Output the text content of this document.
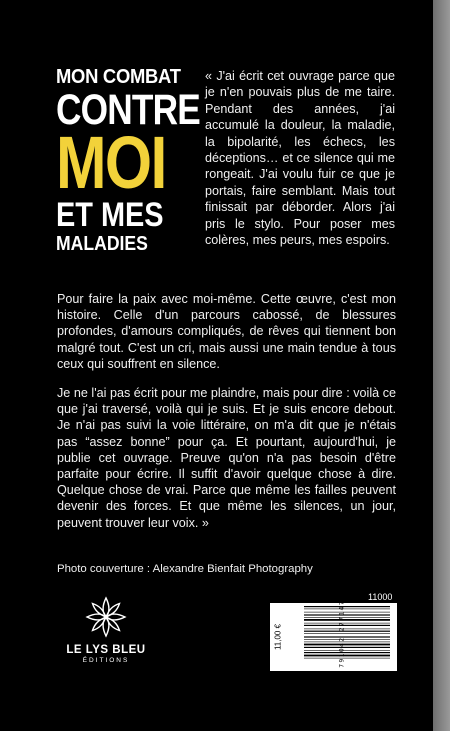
MON COMBAT
CONTRE
MOI
ET MES
MALADIES

« J'ai écrit cet ouvrage parce que je n'en pouvais plus de me taire. Pendant des années, j'ai accumulé la douleur, la maladie, la bipolarité, les échecs, les déceptions… et ce silence qui me rongeait. J'ai voulu fuir ce que je portais, faire semblant. Mais tout finissait par déborder. Alors j'ai pris le stylo. Pour poser mes colères, mes peurs, mes espoirs.

Pour faire la paix avec moi-même. Cette œuvre, c'est mon histoire. Celle d'un parcours cabossé, de blessures profondes, d'amours compliqués, de rêves qui tiennent bon malgré tout. C'est un cri, mais aussi une main tendue à tous ceux qui souffrent en silence.

Je ne l'ai pas écrit pour me plaindre, mais pour dire : voilà ce que j'ai traversé, voilà qui je suis. Et je suis encore debout. Je n'ai pas suivi la voie littéraire, on m'a dit que je n'étais pas “assez bonne” pour ça. Et pourtant, aujourd'hui, je publie cet ouvrage. Preuve qu'on n'a pas besoin d'être parfaite pour écrire. Il suffit d'avoir quelque chose à dire. Quelque chose de vrai. Parce que même les failles peuvent devenir des forces. Et que même les silences, un jour, peuvent trouver leur voix. »

Photo couverture : Alexandre Bienfait Photography
LE LYS BLEU
ÉDITIONS
11000
11,00 €	9 791042 277147
